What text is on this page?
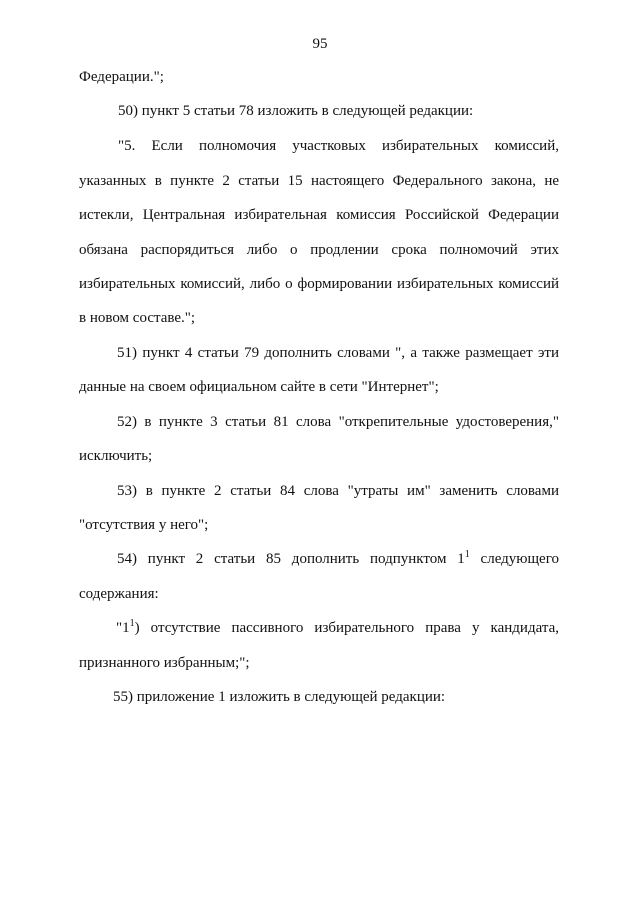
95
Федерации.";
50) пункт 5 статьи 78 изложить в следующей редакции:
"5. Если полномочия участковых избирательных комиссий,
указанных в пункте 2 статьи 15 настоящего Федерального закона, не
истекли, Центральная избирательная комиссия Российской Федерации
обязана распорядиться либо о продлении срока полномочий этих
избирательных комиссий, либо о формировании избирательных комиссий
в новом составе.";
51) пункт 4 статьи 79 дополнить словами ", а также размещает эти
данные на своем официальном сайте в сети "Интернет";
52) в пункте 3 статьи 81 слова "открепительные удостоверения,"
исключить;
53) в пункте 2 статьи 84 слова "утраты им" заменить словами
"отсутствия у него";
54) пункт 2 статьи 85 дополнить подпунктом $1^1$ следующего
содержания:
"$1^1$) отсутствие пассивного избирательного права у кандидата,
признанного избранным;";
55) приложение 1 изложить в следующей редакции:
